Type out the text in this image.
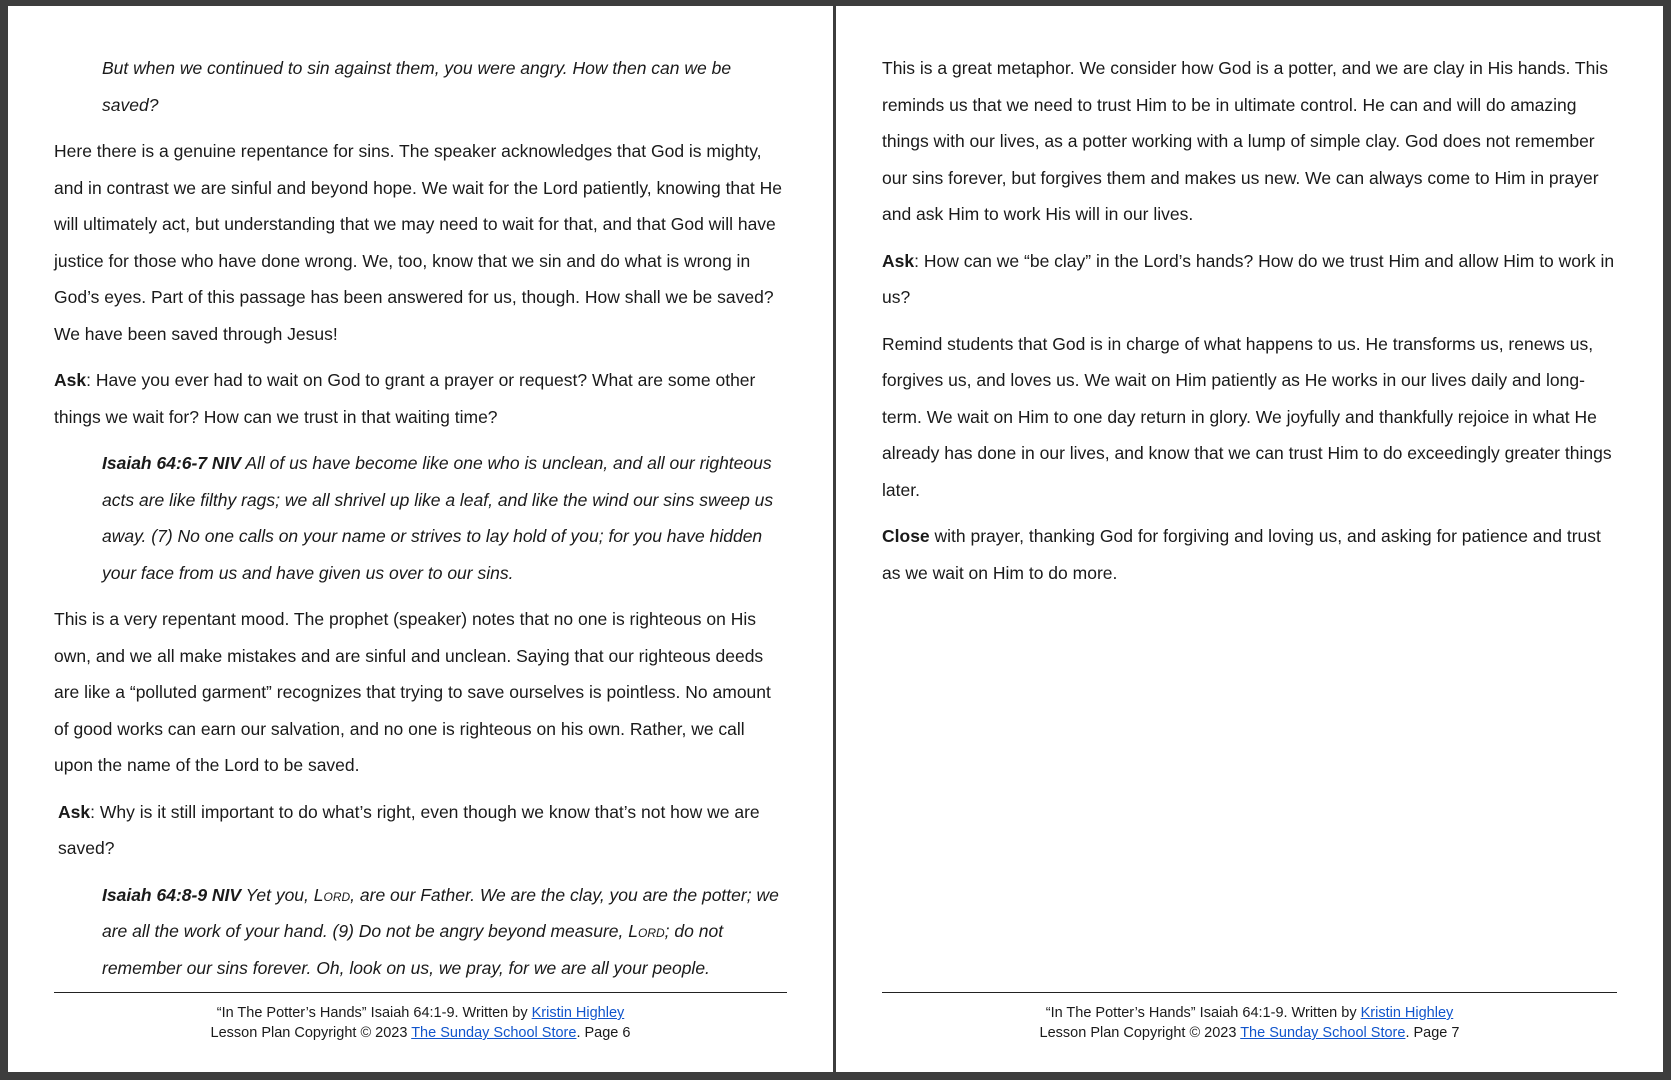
But when we continued to sin against them, you were angry. How then can we be saved?

Here there is a genuine repentance for sins. The speaker acknowledges that God is mighty, and in contrast we are sinful and beyond hope. We wait for the Lord patiently, knowing that He will ultimately act, but understanding that we may need to wait for that, and that God will have justice for those who have done wrong. We, too, know that we sin and do what is wrong in God’s eyes. Part of this passage has been answered for us, though. How shall we be saved? We have been saved through Jesus!

Ask: Have you ever had to wait on God to grant a prayer or request? What are some other things we wait for? How can we trust in that waiting time?

Isaiah 64:6-7 NIV All of us have become like one who is unclean, and all our righteous acts are like filthy rags; we all shrivel up like a leaf, and like the wind our sins sweep us away. (7) No one calls on your name or strives to lay hold of you; for you have hidden your face from us and have given us over to our sins.

This is a very repentant mood. The prophet (speaker) notes that no one is righteous on His own, and we all make mistakes and are sinful and unclean. Saying that our righteous deeds are like a “polluted garment” recognizes that trying to save ourselves is pointless. No amount of good works can earn our salvation, and no one is righteous on his own. Rather, we call upon the name of the Lord to be saved.

Ask: Why is it still important to do what’s right, even though we know that’s not how we are saved?

Isaiah 64:8-9 NIV Yet you, Lord, are our Father. We are the clay, you are the potter; we are all the work of your hand. (9) Do not be angry beyond measure, Lord; do not remember our sins forever. Oh, look on us, we pray, for we are all your people.

“In The Potter’s Hands” Isaiah 64:1-9. Written by Kristin Highley
Lesson Plan Copyright © 2023 The Sunday School Store. Page 6

This is a great metaphor. We consider how God is a potter, and we are clay in His hands. This reminds us that we need to trust Him to be in ultimate control. He can and will do amazing things with our lives, as a potter working with a lump of simple clay. God does not remember our sins forever, but forgives them and makes us new. We can always come to Him in prayer and ask Him to work His will in our lives.

Ask: How can we “be clay” in the Lord’s hands? How do we trust Him and allow Him to work in us?

Remind students that God is in charge of what happens to us. He transforms us, renews us, forgives us, and loves us. We wait on Him patiently as He works in our lives daily and long-term. We wait on Him to one day return in glory. We joyfully and thankfully rejoice in what He already has done in our lives, and know that we can trust Him to do exceedingly greater things later.

Close with prayer, thanking God for forgiving and loving us, and asking for patience and trust as we wait on Him to do more.

“In The Potter’s Hands” Isaiah 64:1-9. Written by Kristin Highley
Lesson Plan Copyright © 2023 The Sunday School Store. Page 7
